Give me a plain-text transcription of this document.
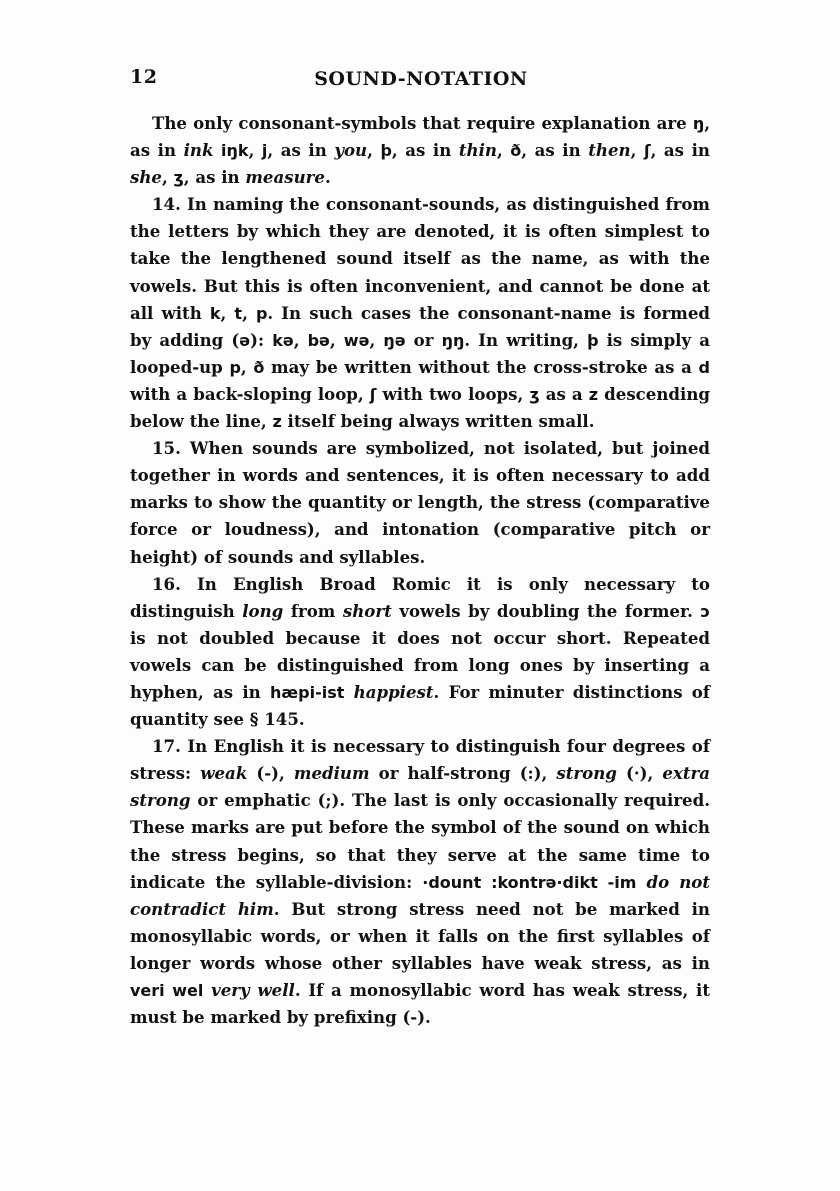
12	SOUND-NOTATION

The only consonant-symbols that require explanation are ŋ, as in ink iŋk, j, as in you, þ, as in thin, ð, as in then, ʃ, as in she, ʒ, as in measure.

14. In naming the consonant-sounds, as distinguished from the letters by which they are denoted, it is often simplest to take the lengthened sound itself as the name, as with the vowels. But this is often inconvenient, and cannot be done at all with k, t, p. In such cases the consonant-name is formed by adding (ə): kə, bə, wə, ŋə or ŋŋ. In writing, þ is simply a looped-up p, ð may be written without the cross-stroke as a d with a back-sloping loop, ʃ with two loops, ʒ as a z descending below the line, z itself being always written small.

15. When sounds are symbolized, not isolated, but joined together in words and sentences, it is often necessary to add marks to show the quantity or length, the stress (comparative force or loudness), and intonation (comparative pitch or height) of sounds and syllables.

16. In English Broad Romic it is only necessary to distinguish long from short vowels by doubling the former. ɔ is not doubled because it does not occur short. Repeated vowels can be distinguished from long ones by inserting a hyphen, as in hæpi-ist happiest. For minuter distinctions of quantity see § 145.

17. In English it is necessary to distinguish four degrees of stress: weak (-), medium or half-strong (:), strong (·), extra strong or emphatic (;). The last is only occasionally required. These marks are put before the symbol of the sound on which the stress begins, so that they serve at the same time to indicate the syllable-division: ·dount :kontrə·dikt -im do not contradict him. But strong stress need not be marked in monosyllabic words, or when it falls on the first syllables of longer words whose other syllables have weak stress, as in veri wel very well. If a monosyllabic word has weak stress, it must be marked by prefixing (-).
